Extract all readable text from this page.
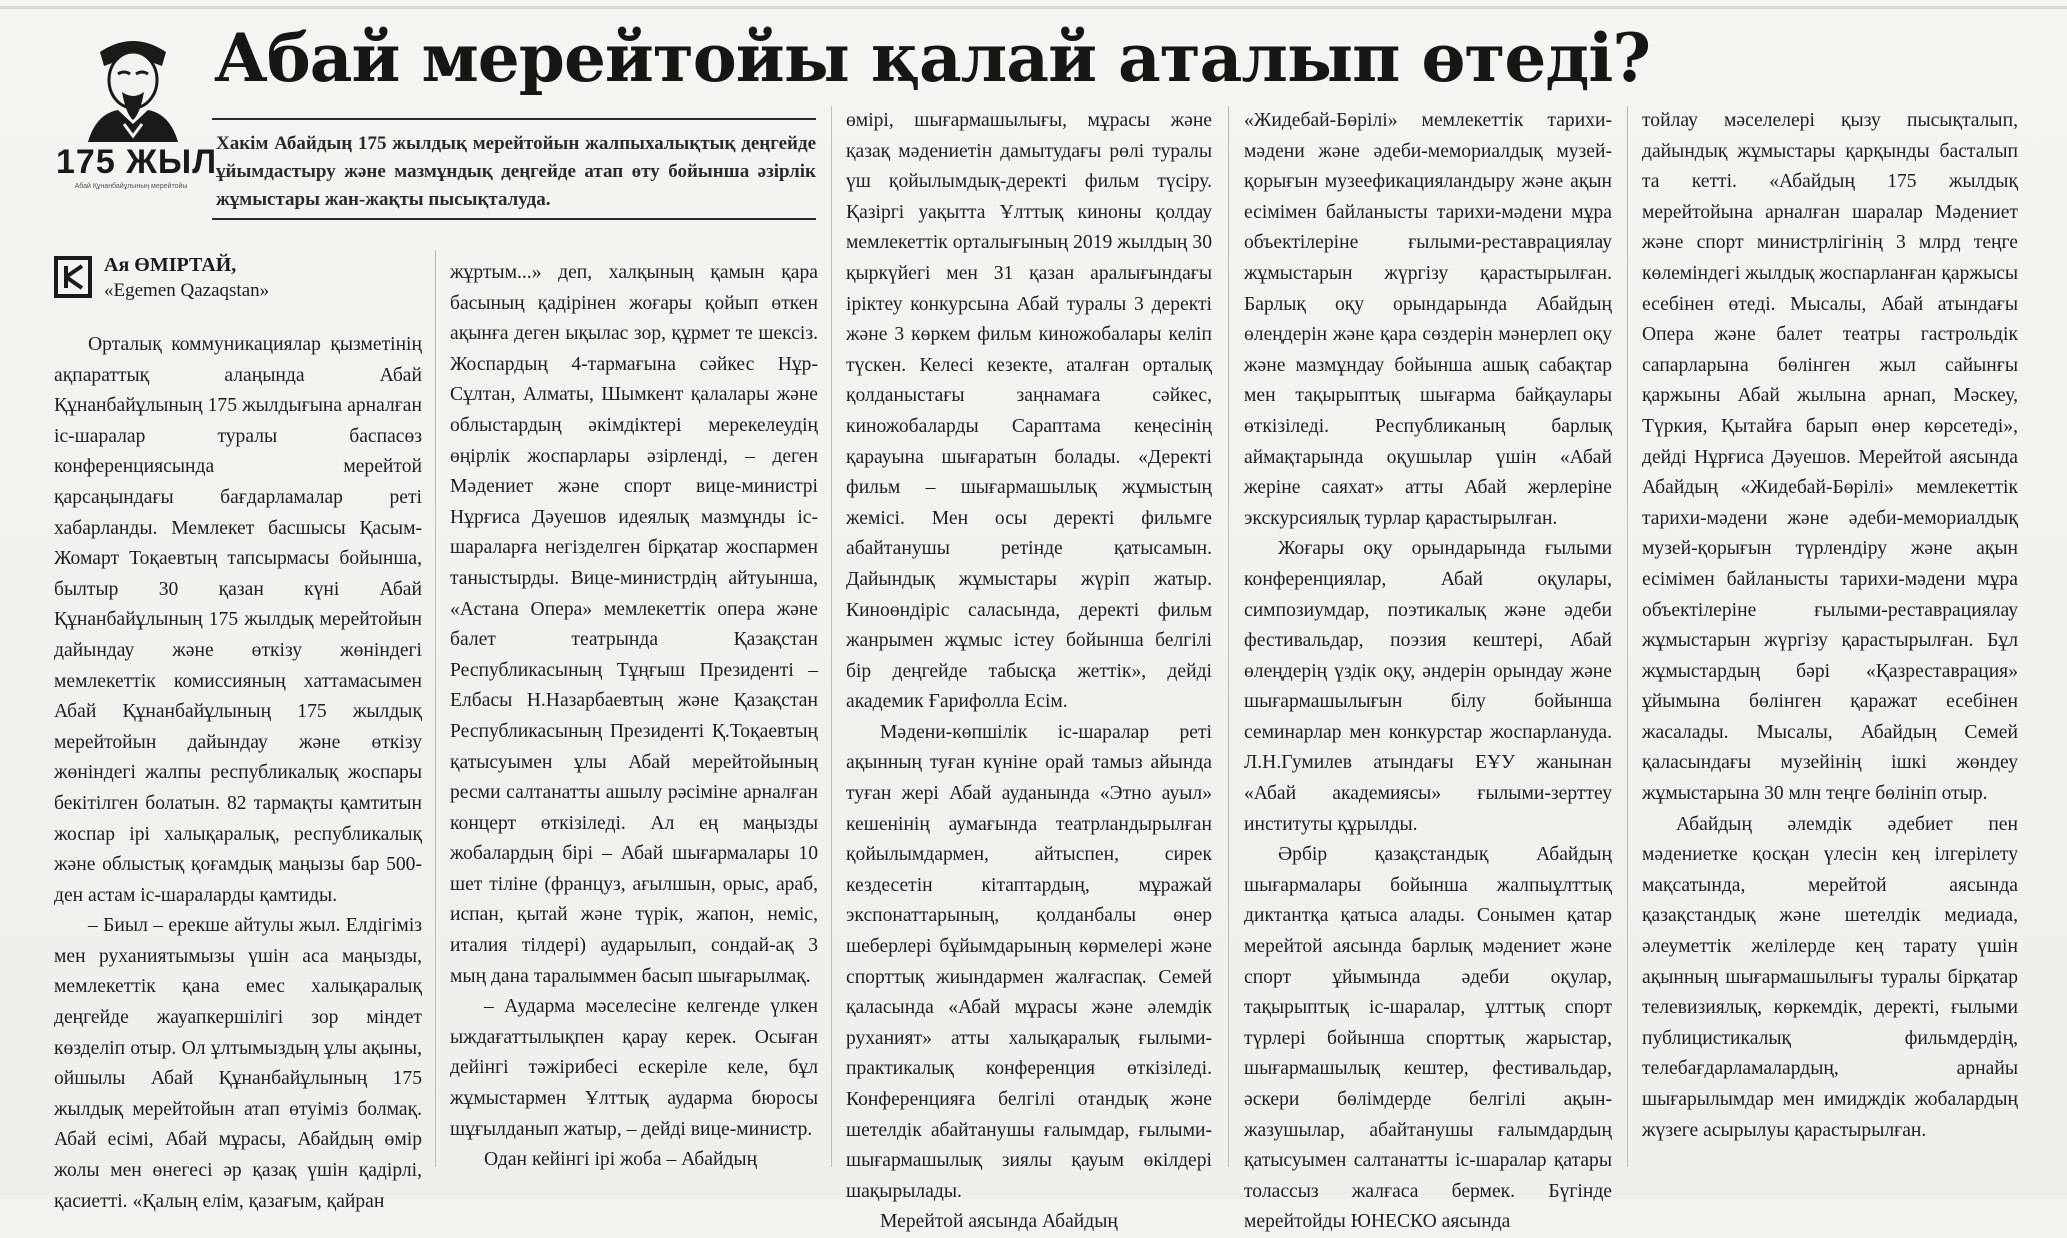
175 ЖЫЛ
Абай Құнанбайұлының мерейтойы
Абай мерейтойы қалай аталып өтеді?
Хакім Абайдың 175 жылдық мерейтойын жалпыхалықтық деңгейде ұйымдастыру және мазмұндық деңгейде атап өту бойынша әзірлік жұмыстары жан-жақты пысықталуда.
Ая ӨМІРТАЙ,
«Egemen Qazaqstan»

Орталық коммуникациялар қызметінің ақпараттық алаңында Абай Құнанбайұлының 175 жылдығына арналған іс-шаралар туралы баспасөз конференциясында мерейтой қарсаңындағы бағдарламалар реті хабарланды. Мемлекет басшысы Қасым-Жомарт Тоқаевтың тапсырмасы бойынша, былтыр 30 қазан күні Абай Құнанбайұлының 175 жылдық мерейтойын дайындау және өткізу жөніндегі мемлекеттік комиссияның хаттамасымен Абай Құнанбайұлының 175 жылдық мерейтойын дайындау және өткізу жөніндегі жалпы республикалық жоспары бекітілген болатын. 82 тармақты қамтитын жоспар ірі халықаралық, республикалық және облыстық қоғамдық маңызы бар 500-ден астам іс-шараларды қамтиды.

– Биыл – ерекше айтулы жыл. Елдігіміз мен руханиятымызы үшін аса маңызды, мемлекеттік қана емес халықаралық деңгейде жауапкершілігі зор міндет көзделіп отыр. Ол ұлтымыздың ұлы ақыны, ойшылы Абай Құнанбайұлының 175 жылдық мерейтойын атап өтуіміз болмақ. Абай есімі, Абай мұрасы, Абайдың өмір жолы мен өнегесі әр қазақ үшін қадірлі, қасиетті. «Қалың елім, қазағым, қайран

жұртым...» деп, халқының қамын қара басының қадірінен жоғары қойып өткен ақынға деген ықылас зор, құрмет те шексіз. Жоспардың 4-тармағына сәйкес Нұр-Сұлтан, Алматы, Шымкент қалалары және облыстардың әкімдіктері мерекелеудің өңірлік жоспарлары әзірленді, – деген Мәдениет және спорт вице-министрі Нұрғиса Дәуешов идеялық мазмұнды іс-шараларға негізделген бірқатар жоспармен таныстырды. Вице-министрдің айтуынша, «Астана Опера» мемлекеттік опера және балет театрында Қазақстан Республикасының Тұңғыш Президенті – Елбасы Н.Назарбаевтың және Қазақстан Республикасының Президенті Қ.Тоқаевтың қатысуымен ұлы Абай мерейтойының ресми салтанатты ашылу рәсіміне арналған концерт өткізіледі. Ал ең маңызды жобалардың бірі – Абай шығармалары 10 шет тіліне (француз, ағылшын, орыс, араб, испан, қытай және түрік, жапон, неміс, италия тілдері) аударылып, сондай-ақ 3 мың дана таралыммен басып шығарылмақ.

– Аударма мәселесіне келгенде үлкен ыждағаттылықпен қарау керек. Осыған дейінгі тәжірибесі ескеріле келе, бұл жұмыстармен Ұлттық аударма бюросы шұғылданып жатыр, – дейді вице-министр.

Одан кейінгі ірі жоба – Абайдың

өмірі, шығармашылығы, мұрасы және қазақ мәдениетін дамытудағы рөлі туралы үш қойылымдық-деректі фильм түсіру. Қазіргі уақытта Ұлттық киноны қолдау мемлекеттік орталығының 2019 жылдың 30 қыркүйегі мен 31 қазан аралығындағы іріктеу конкурсына Абай туралы 3 деректі және 3 көркем фильм киножобалары келіп түскен. Келесі кезекте, аталған орталық қолданыстағы заңнамаға сәйкес, киножобаларды Сараптама кеңесінің қарауына шығаратын болады. «Деректі фильм – шығармашылық жұмыстың жемісі. Мен осы деректі фильмге абайтанушы ретінде қатысамын. Дайындық жұмыстары жүріп жатыр. Киноөндіріс саласында, деректі фильм жанрымен жұмыс істеу бойынша белгілі бір деңгейде табысқа жеттік», дейді академик Ғарифолла Есім.

Мәдени-көпшілік іс-шаралар реті ақынның туған күніне орай тамыз айында туған жері Абай ауданында «Этно ауыл» кешенінің аумағында театрландырылған қойылымдармен, айтыспен, сирек кездесетін кітаптардың, мұражай экспонаттарының, қолданбалы өнер шеберлері бұйымдарының көрмелері және спорттық жиындармен жалғаспақ. Семей қаласында «Абай мұрасы және әлемдік руханият» атты халықаралық ғылыми-практикалық конференция өткізіледі. Конференцияға белгілі отандық және шетелдік абайтанушы ғалымдар, ғылыми-шығармашылық зиялы қауым өкілдері шақырылады.

Мерейтой аясында Абайдың

«Жидебай-Бөрілі» мемлекеттік тарихи-мәдени және әдеби-мемориалдық музей-қорығын музеефикацияландыру және ақын есімімен байланысты тарихи-мәдени мұра объектілеріне ғылыми-реставрациялау жұмыстарын жүргізу қарастырылған. Барлық оқу орындарында Абайдың өлеңдерін және қара сөздерін мәнерлеп оқу және мазмұндау бойынша ашық сабақтар мен тақырыптық шығарма байқаулары өткізіледі. Республиканың барлық аймақтарында оқушылар үшін «Абай жеріне саяхат» атты Абай жерлеріне экскурсиялық турлар қарастырылған.

Жоғары оқу орындарында ғылыми конференциялар, Абай оқулары, симпозиумдар, поэтикалық және әдеби фестивальдар, поэзия кештері, Абай өлеңдерің үздік оқу, әндерін орындау және шығармашылығын білу бойынша семинарлар мен конкурстар жоспарлануда. Л.Н.Гумилев атындағы ЕҰУ жанынан «Абай академиясы» ғылыми-зерттеу институты құрылды.

Әрбір қазақстандық Абайдың шығармалары бойынша жалпыұлттық диктантқа қатыса алады. Сонымен қатар мерейтой аясында барлық мәдениет және спорт ұйымында әдеби оқулар, тақырыптық іс-шаралар, ұлттық спорт түрлері бойынша спорттық жарыстар, шығармашылық кештер, фестивальдар, әскери бөлімдерде белгілі ақын-жазушылар, абайтанушы ғалымдардың қатысуымен салтанатты іс-шаралар қатары толассыз жалғаса бермек. Бүгінде мерейтойды ЮНЕСКО аясында

тойлау мәселелері қызу пысықталып, дайындық жұмыстары қарқынды басталып та кетті. «Абайдың 175 жылдық мерейтойына арналған шаралар Мәдениет және спорт министрлігінің 3 млрд теңге көлеміндегі жылдық жоспарланған қаржысы есебінен өтеді. Мысалы, Абай атындағы Опера және балет театры гастрольдік сапарларына бөлінген жыл сайынғы қаржыны Абай жылына арнап, Мәскеу, Түркия, Қытайға барып өнер көрсетеді», дейді Нұрғиса Дәуешов. Мерейтой аясында Абайдың «Жидебай-Бөрілі» мемлекеттік тарихи-мәдени және әдеби-мемориалдық музей-қорығын түрлендіру және ақын есімімен байланысты тарихи-мәдени мұра объектілеріне ғылыми-реставрациялау жұмыстарын жүргізу қарастырылған. Бұл жұмыстардың бәрі «Қазреставрация» ұйымына бөлінген қаражат есебінен жасалады. Мысалы, Абайдың Семей қаласындағы музейінің ішкі жөндеу жұмыстарына 30 млн теңге бөлініп отыр.

Абайдың әлемдік әдебиет пен мәдениетке қосқан үлесін кең ілгерілету мақсатында, мерейтой аясында қазақстандық және шетелдік медиада, әлеуметтік желілерде кең тарату үшін ақынның шығармашылығы туралы бірқатар телевизиялық, көркемдік, деректі, ғылыми публицистикалық фильмдердің, телебағдарламалардың, арнайы шығарылымдар мен имидждік жобалардың жүзеге асырылуы қарастырылған.
